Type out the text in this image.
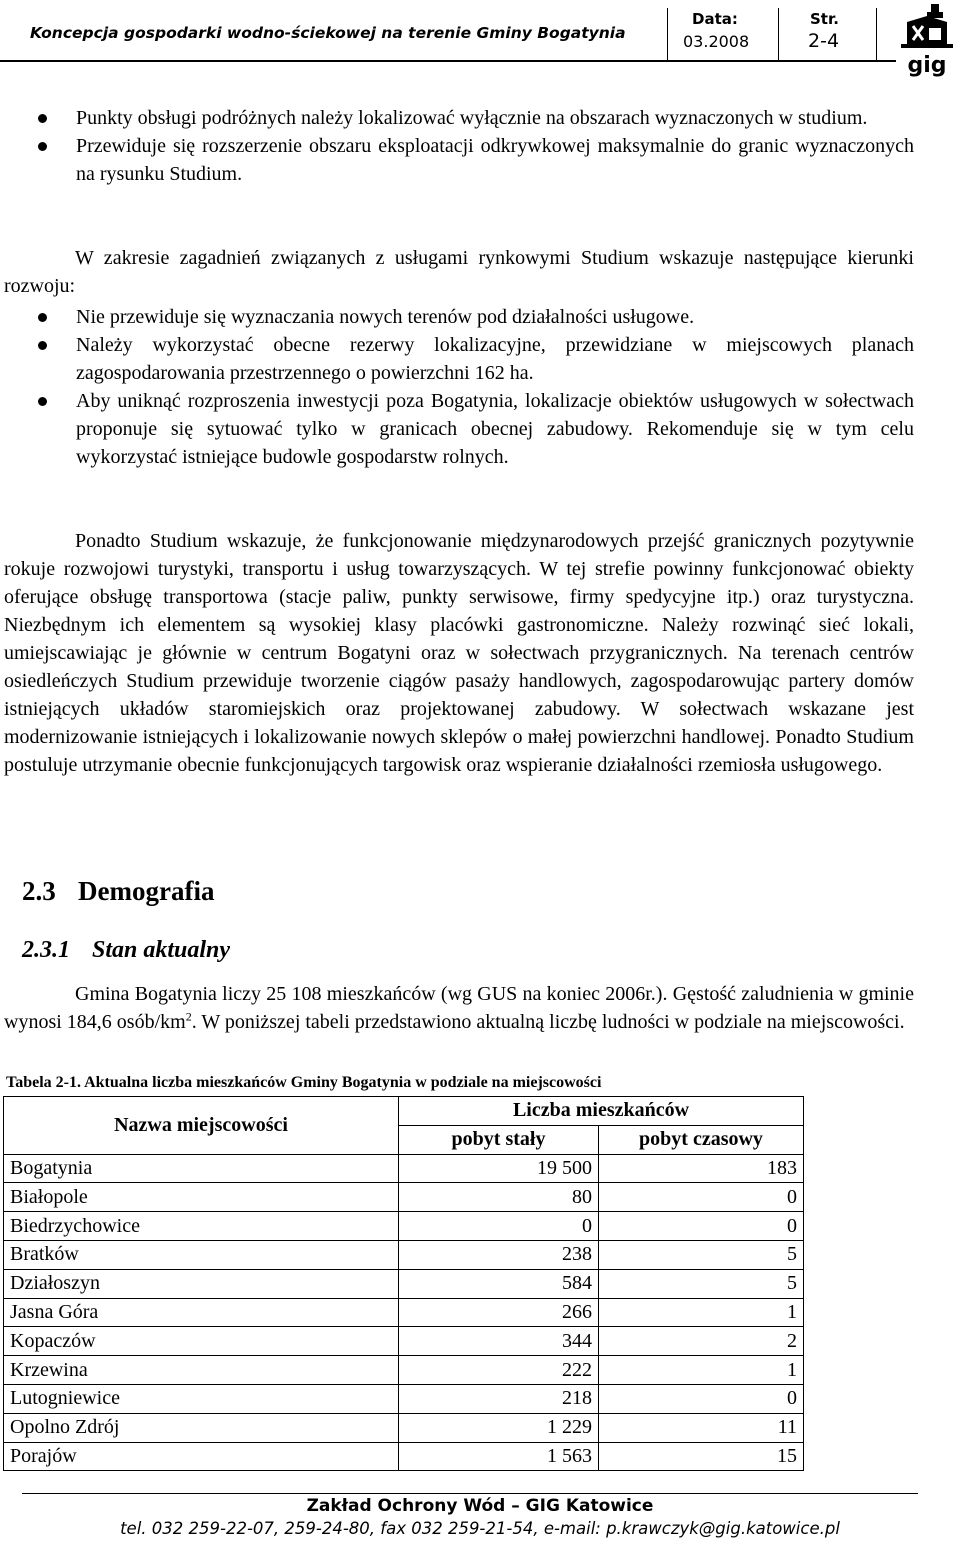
Koncepcja gospodarki wodno-ściekowej na terenie Gminy Bogatynia
Data:
03.2008
Str.
2-4
gig
Punkty obsługi podróżnych należy lokalizować wyłącznie na obszarach wyznaczonych w studium.
Przewiduje się rozszerzenie obszaru eksploatacji odkrywkowej maksymalnie do granic wyznaczonych na rysunku Studium.
W zakresie zagadnień związanych z usługami rynkowymi Studium wskazuje następujące kierunki rozwoju:
Nie przewiduje się wyznaczania nowych terenów pod działalności usługowe.
Należy wykorzystać obecne rezerwy lokalizacyjne, przewidziane w miejscowych planach zagospodarowania przestrzennego o powierzchni 162 ha.
Aby uniknąć rozproszenia inwestycji poza Bogatynia, lokalizacje obiektów usługowych w sołectwach proponuje się sytuować tylko w granicach obecnej zabudowy. Rekomenduje się w tym celu wykorzystać istniejące budowle gospodarstw rolnych.
Ponadto Studium wskazuje, że funkcjonowanie międzynarodowych przejść granicznych pozytywnie rokuje rozwojowi turystyki, transportu i usług towarzyszących. W tej strefie powinny funkcjonować obiekty oferujące obsługę transportowa (stacje paliw, punkty serwisowe, firmy spedycyjne itp.) oraz turystyczna. Niezbędnym ich elementem są wysokiej klasy placówki gastronomiczne. Należy rozwinąć sieć lokali, umiejscawiając je głównie w centrum Bogatyni oraz w sołectwach przygranicznych. Na terenach centrów osiedleńczych Studium przewiduje tworzenie ciągów pasaży handlowych, zagospodarowując partery domów istniejących układów staromiejskich oraz projektowanej zabudowy. W sołectwach wskazane jest modernizowanie istniejących i lokalizowanie nowych sklepów o małej powierzchni handlowej. Ponadto Studium postuluje utrzymanie obecnie funkcjonujących targowisk oraz wspieranie działalności rzemiosła usługowego.
2.3 Demografia
2.3.1 Stan aktualny
Gmina Bogatynia liczy 25 108 mieszkańców (wg GUS na koniec 2006r.). Gęstość zaludnienia w gminie wynosi 184,6 osób/$km^2$. W poniższej tabeli przedstawiono aktualną liczbę ludności w podziale na miejscowości.
Tabela 2-1. Aktualna liczba mieszkańców Gminy Bogatynia w podziale na miejscowości
Nazwa miejscowości	Liczba mieszkańców	
	pobyt stały	pobyt czasowy
Bogatynia	19 500	183
Białopole	80	0
Biedrzychowice	0	0
Bratków	238	5
Działoszyn	584	5
Jasna Góra	266	1
Kopaczów	344	2
Krzewina	222	1
Lutogniewice	218	0
Opolno Zdrój	1 229	11
Porajów	1 563	15
Zakład Ochrony Wód – GIG Katowice
tel. 032 259-22-07, 259-24-80, fax 032 259-21-54, e-mail: p.krawczyk@gig.katowice.pl
